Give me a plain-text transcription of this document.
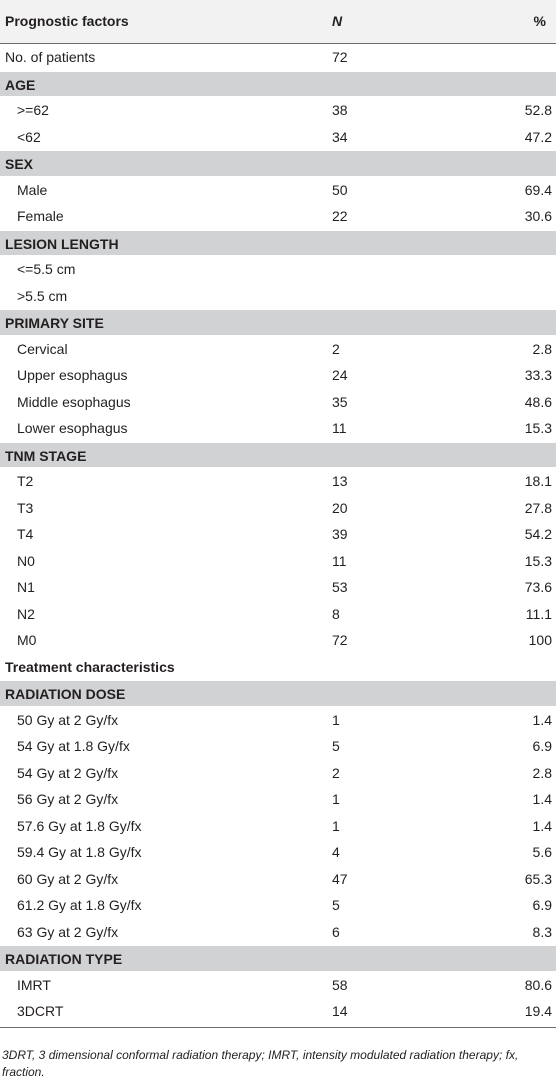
Prognostic factors	N	%
No. of patients	72
AGE
>=62	38	52.8
<62	34	47.2
SEX
Male	50	69.4
Female	22	30.6
LESION LENGTH
<=5.5 cm
>5.5 cm
PRIMARY SITE
Cervical	2	2.8
Upper esophagus	24	33.3
Middle esophagus	35	48.6
Lower esophagus	11	15.3
TNM STAGE
T2	13	18.1
T3	20	27.8
T4	39	54.2
N0	11	15.3
N1	53	73.6
N2	8	11.1
M0	72	100
Treatment characteristics
RADIATION DOSE
50 Gy at 2 Gy/fx	1	1.4
54 Gy at 1.8 Gy/fx	5	6.9
54 Gy at 2 Gy/fx	2	2.8
56 Gy at 2 Gy/fx	1	1.4
57.6 Gy at 1.8 Gy/fx	1	1.4
59.4 Gy at 1.8 Gy/fx	4	5.6
60 Gy at 2 Gy/fx	47	65.3
61.2 Gy at 1.8 Gy/fx	5	6.9
63 Gy at 2 Gy/fx	6	8.3
RADIATION TYPE
IMRT	58	80.6
3DCRT	14	19.4
3DRT, 3 dimensional conformal radiation therapy; IMRT, intensity modulated radiation therapy; fx, fraction.
